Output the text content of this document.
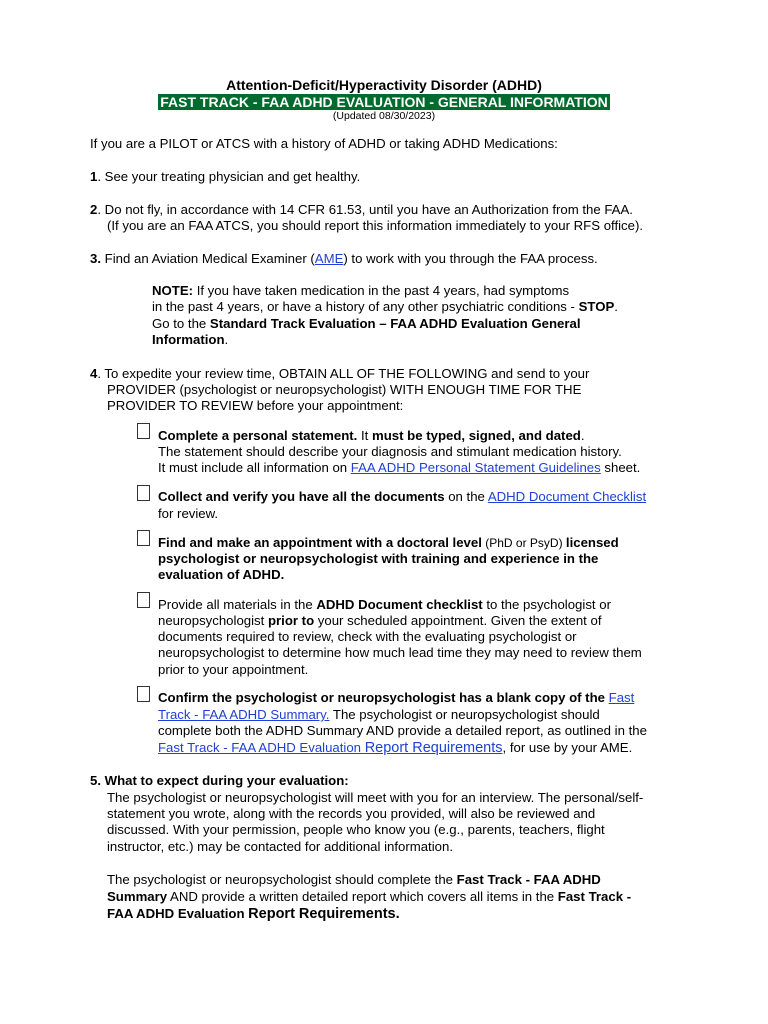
Attention-Deficit/Hyperactivity Disorder (ADHD)
FAST TRACK - FAA ADHD EVALUATION - GENERAL INFORMATION
(Updated 08/30/2023)
If you are a PILOT or ATCS with a history of ADHD or taking ADHD Medications:
1. See your treating physician and get healthy.
2. Do not fly, in accordance with 14 CFR 61.53, until you have an Authorization from the FAA.
(If you are an FAA ATCS, you should report this information immediately to your RFS office).
3. Find an Aviation Medical Examiner (AME) to work with you through the FAA process.
NOTE: If you have taken medication in the past 4 years, had symptoms
in the past 4 years, or have a history of any other psychiatric conditions - STOP.
Go to the Standard Track Evaluation – FAA ADHD Evaluation General
Information.
4. To expedite your review time, OBTAIN ALL OF THE FOLLOWING and send to your
PROVIDER (psychologist or neuropsychologist) WITH ENOUGH TIME FOR THE
PROVIDER TO REVIEW before your appointment:
Complete a personal statement. It must be typed, signed, and dated.
The statement should describe your diagnosis and stimulant medication history.
It must include all information on FAA ADHD Personal Statement Guidelines sheet.
Collect and verify you have all the documents on the ADHD Document Checklist
for review.
Find and make an appointment with a doctoral level (PhD or PsyD) licensed
psychologist or neuropsychologist with training and experience in the
evaluation of ADHD.
Provide all materials in the ADHD Document checklist to the psychologist or
neuropsychologist prior to your scheduled appointment. Given the extent of
documents required to review, check with the evaluating psychologist or
neuropsychologist to determine how much lead time they may need to review them
prior to your appointment.
Confirm the psychologist or neuropsychologist has a blank copy of the Fast
Track - FAA ADHD Summary. The psychologist or neuropsychologist should
complete both the ADHD Summary AND provide a detailed report, as outlined in the
Fast Track - FAA ADHD Evaluation Report Requirements, for use by your AME.
5. What to expect during your evaluation:
The psychologist or neuropsychologist will meet with you for an interview. The personal/self-
statement you wrote, along with the records you provided, will also be reviewed and
discussed. With your permission, people who know you (e.g., parents, teachers, flight
instructor, etc.) may be contacted for additional information.
The psychologist or neuropsychologist should complete the Fast Track - FAA ADHD
Summary AND provide a written detailed report which covers all items in the Fast Track -
FAA ADHD Evaluation Report Requirements.
